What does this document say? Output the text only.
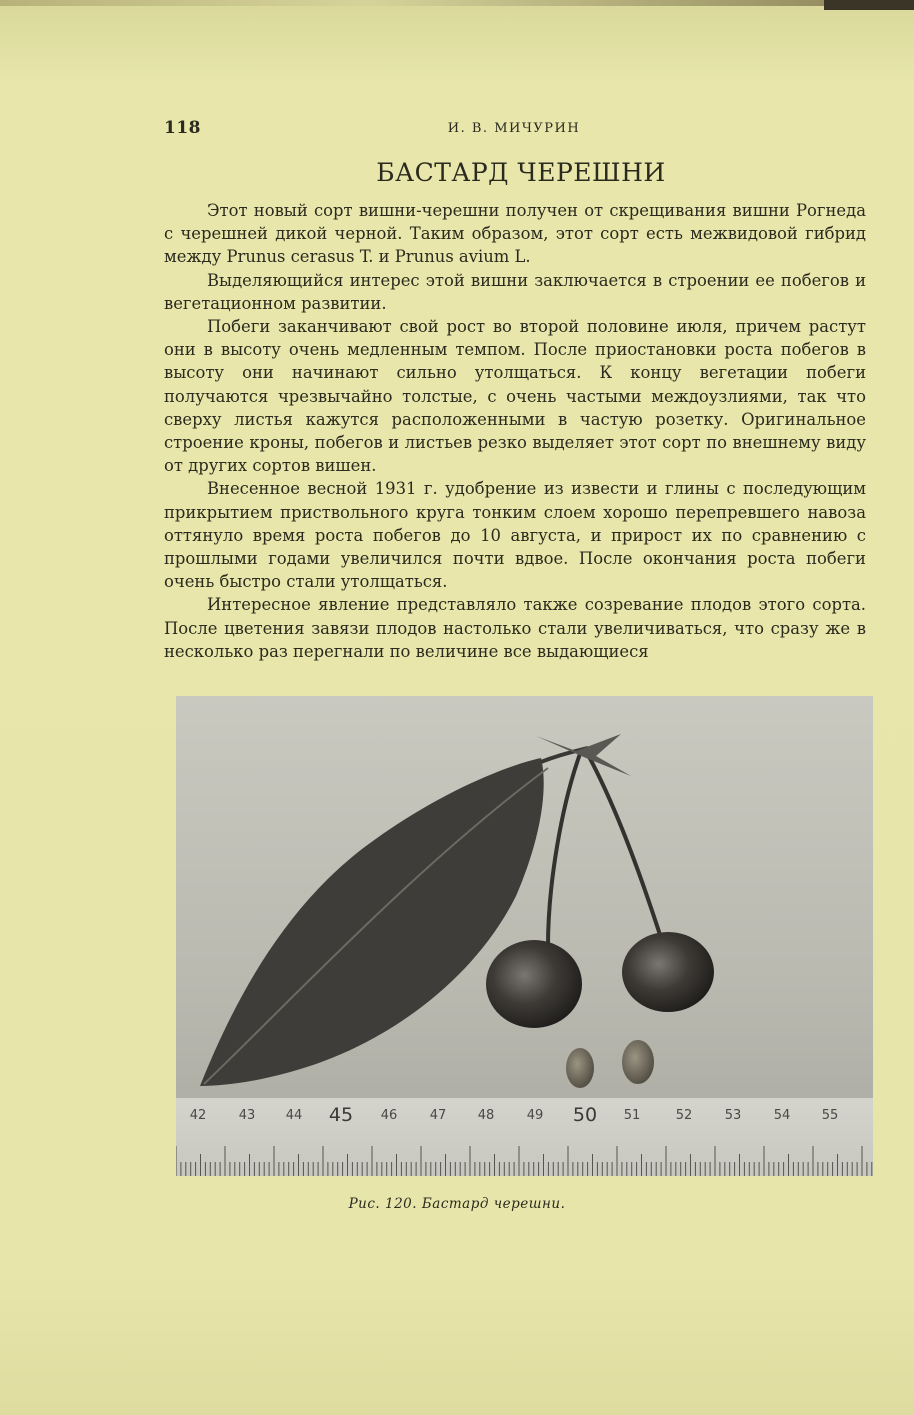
118	И. В. МИЧУРИН
БАСТАРД ЧЕРЕШНИ

Этот новый сорт вишни-черешни получен от скрещивания вишни Рогнеда с черешней дикой черной. Таким образом, этот сорт есть межвидовой гибрид между Prunus cerasus T. и Prunus avium L.

Выделяющийся интерес этой вишни заключается в строении ее побегов и вегетационном развитии.

Побеги заканчивают свой рост во второй половине июля, причем растут они в высоту очень медленным темпом. После приостановки роста побегов в высоту они начинают сильно утолщаться. К концу вегетации побеги получаются чрезвычайно толстые, с очень частыми междоузлиями, так что сверху листья кажутся расположенными в частую розетку. Оригинальное строение кроны, побегов и листьев резко выделяет этот сорт по внешнему виду от других сортов вишен.

Внесенное весной 1931 г. удобрение из извести и глины с последующим прикрытием приствольного круга тонким слоем хорошо перепревшего навоза оттянуло время роста побегов до 10 августа, и прирост их по сравнению с прошлыми годами увеличился почти вдвое. После окончания роста побеги очень быстро стали утолщаться.

Интересное явление представляло также созревание плодов этого сорта. После цветения завязи плодов настолько стали увеличиваться, что сразу же в несколько раз перегнали по величине все выдающиеся

42 43 44 45 46 47 48 49 50 51	52 53 54 55
Рис. 120. Бастард черешни.
